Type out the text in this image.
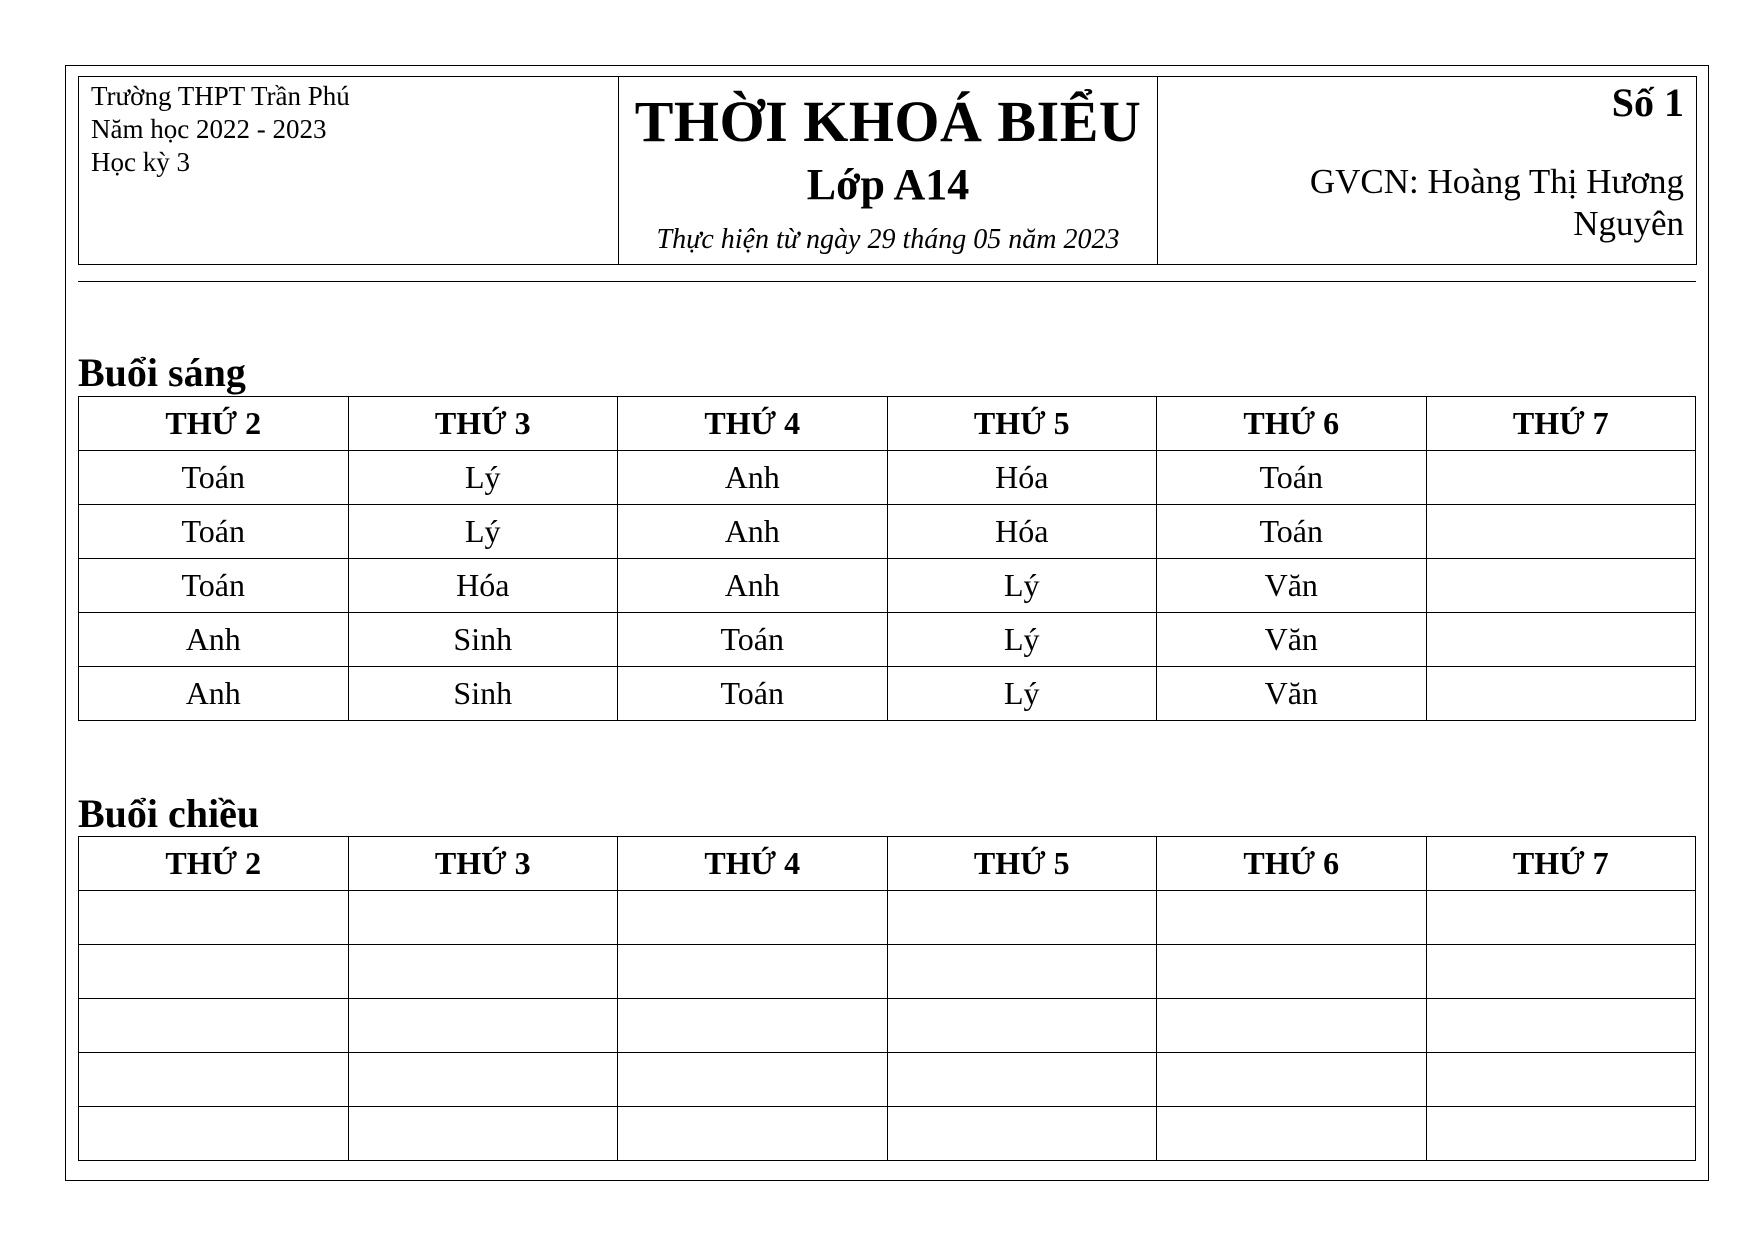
Trường THPT Trần Phú
Năm học 2022 - 2023
Học kỳ 3

THỜI KHOÁ BIỂU
Lớp A14
Thực hiện từ ngày 29 tháng 05 năm 2023

Số 1
GVCN: Hoàng Thị Hương
Nguyên
Buổi sáng
THỨ 2	THỨ 3	THỨ 4	THỨ 5	THỨ 6	THỨ 7
Toán	Lý	Anh	Hóa	Toán	
Toán	Lý	Anh	Hóa	Toán	
Toán	Hóa	Anh	Lý	Văn	
Anh	Sinh	Toán	Lý	Văn	
Anh	Sinh	Toán	Lý	Văn	
Buổi chiều
THỨ 2	THỨ 3	THỨ 4	THỨ 5	THỨ 6	THỨ 7
